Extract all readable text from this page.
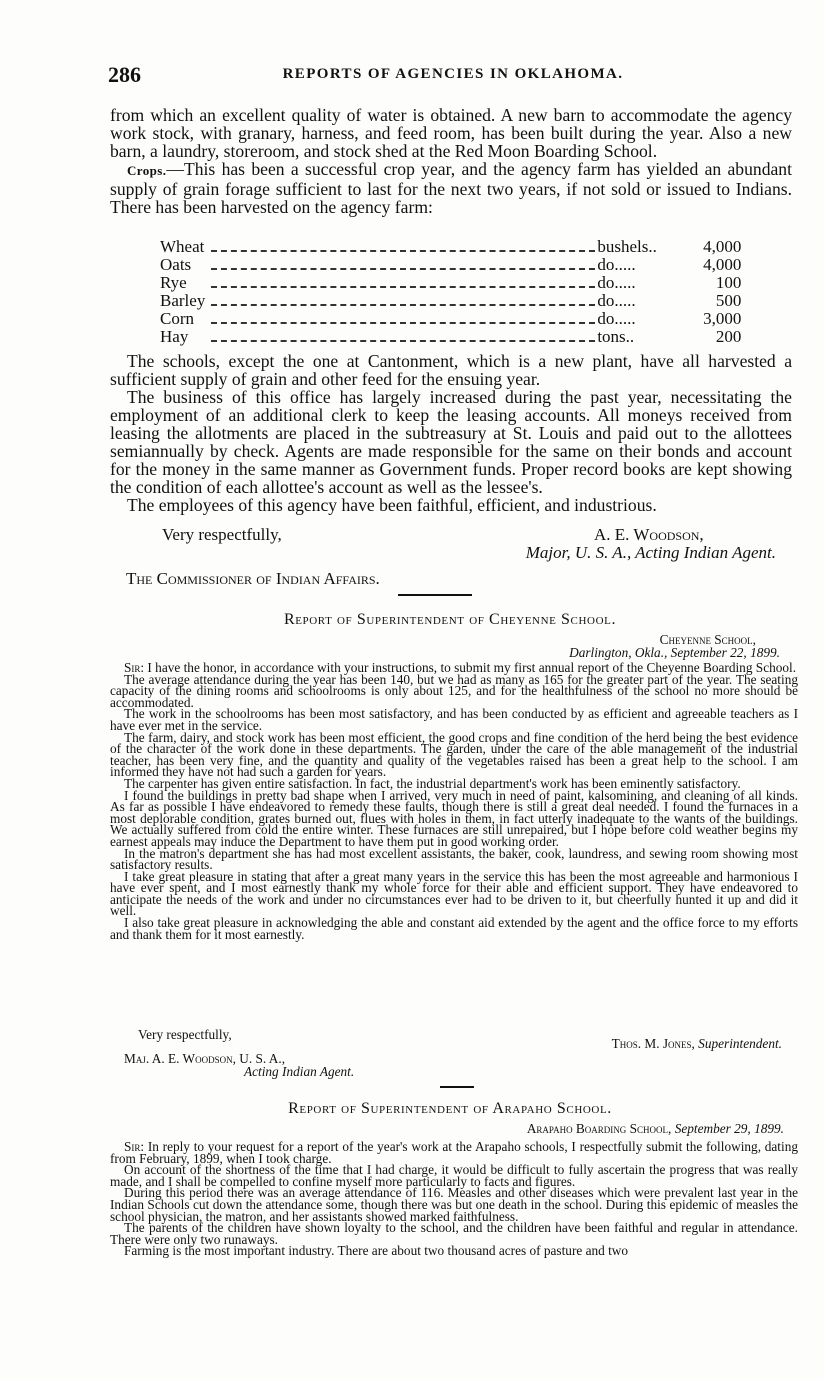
286	REPORTS OF AGENCIES IN OKLAHOMA.

from which an excellent quality of water is obtained. A new barn to accommodate the agency work stock, with granary, harness, and feed room, has been built during the year. Also a new barn, a laundry, storeroom, and stock shed at the Red Moon Boarding School.

Crops.—This has been a successful crop year, and the agency farm has yielded an abundant supply of grain forage sufficient to last for the next two years, if not sold or issued to Indians. There has been harvested on the agency farm:

Wheat		bushels..	4,000
Oats		do.....	4,000
Rye		do.....	100
Barley		do.....	500
Corn		do.....	3,000
Hay		tons..	200

The schools, except the one at Cantonment, which is a new plant, have all harvested a sufficient supply of grain and other feed for the ensuing year.

The business of this office has largely increased during the past year, necessitating the employment of an additional clerk to keep the leasing accounts. All moneys received from leasing the allotments are placed in the subtreasury at St. Louis and paid out to the allottees semiannually by check. Agents are made responsible for the same on their bonds and account for the money in the same manner as Government funds. Proper record books are kept showing the condition of each allottee's account as well as the lessee's.

The employees of this agency have been faithful, efficient, and industrious.

Very respectfully,	A. E. Woodson,
Major, U. S. A., Acting Indian Agent.
The Commissioner of Indian Affairs.
Report of Superintendent of Cheyenne School.
Cheyenne School,
Darlington, Okla., September 22, 1899.

Sir: I have the honor, in accordance with your instructions, to submit my first annual report of the Cheyenne Boarding School.

The average attendance during the year has been 140, but we had as many as 165 for the greater part of the year. The seating capacity of the dining rooms and schoolrooms is only about 125, and for the healthfulness of the school no more should be accommodated.

The work in the schoolrooms has been most satisfactory, and has been conducted by as efficient and agreeable teachers as I have ever met in the service.

The farm, dairy, and stock work has been most efficient, the good crops and fine condition of the herd being the best evidence of the character of the work done in these departments. The garden, under the care of the able management of the industrial teacher, has been very fine, and the quantity and quality of the vegetables raised has been a great help to the school. I am informed they have not had such a garden for years.

The carpenter has given entire satisfaction. In fact, the industrial department's work has been eminently satisfactory.

I found the buildings in pretty bad shape when I arrived, very much in need of paint, kalsomining, and cleaning of all kinds. As far as possible I have endeavored to remedy these faults, though there is still a great deal needed. I found the furnaces in a most deplorable condition, grates burned out, flues with holes in them, in fact utterly inadequate to the wants of the buildings. We actually suffered from cold the entire winter. These furnaces are still unrepaired, but I hope before cold weather begins my earnest appeals may induce the Department to have them put in good working order.

In the matron's department she has had most excellent assistants, the baker, cook, laundress, and sewing room showing most satisfactory results.

I take great pleasure in stating that after a great many years in the service this has been the most agreeable and harmonious I have ever spent, and I most earnestly thank my whole force for their able and efficient support. They have endeavored to anticipate the needs of the work and under no circumstances ever had to be driven to it, but cheerfully hunted it up and did it well.

I also take great pleasure in acknowledging the able and constant aid extended by the agent and the office force to my efforts and thank them for it most earnestly.

Very respectfully,
Thos. M. Jones, Superintendent.
Maj. A. E. Woodson, U. S. A.,
Acting Indian Agent.
Report of Superintendent of Arapaho School.
Arapaho Boarding School, September 29, 1899.

Sir: In reply to your request for a report of the year's work at the Arapaho schools, I respectfully submit the following, dating from February, 1899, when I took charge.

On account of the shortness of the time that I had charge, it would be difficult to fully ascertain the progress that was really made, and I shall be compelled to confine myself more particularly to facts and figures.

During this period there was an average attendance of 116. Measles and other diseases which were prevalent last year in the Indian Schools cut down the attendance some, though there was but one death in the school. During this epidemic of measles the school physician, the matron, and her assistants showed marked faithfulness.

The parents of the children have shown loyalty to the school, and the children have been faithful and regular in attendance. There were only two runaways.

Farming is the most important industry. There are about two thousand acres of pasture and two
